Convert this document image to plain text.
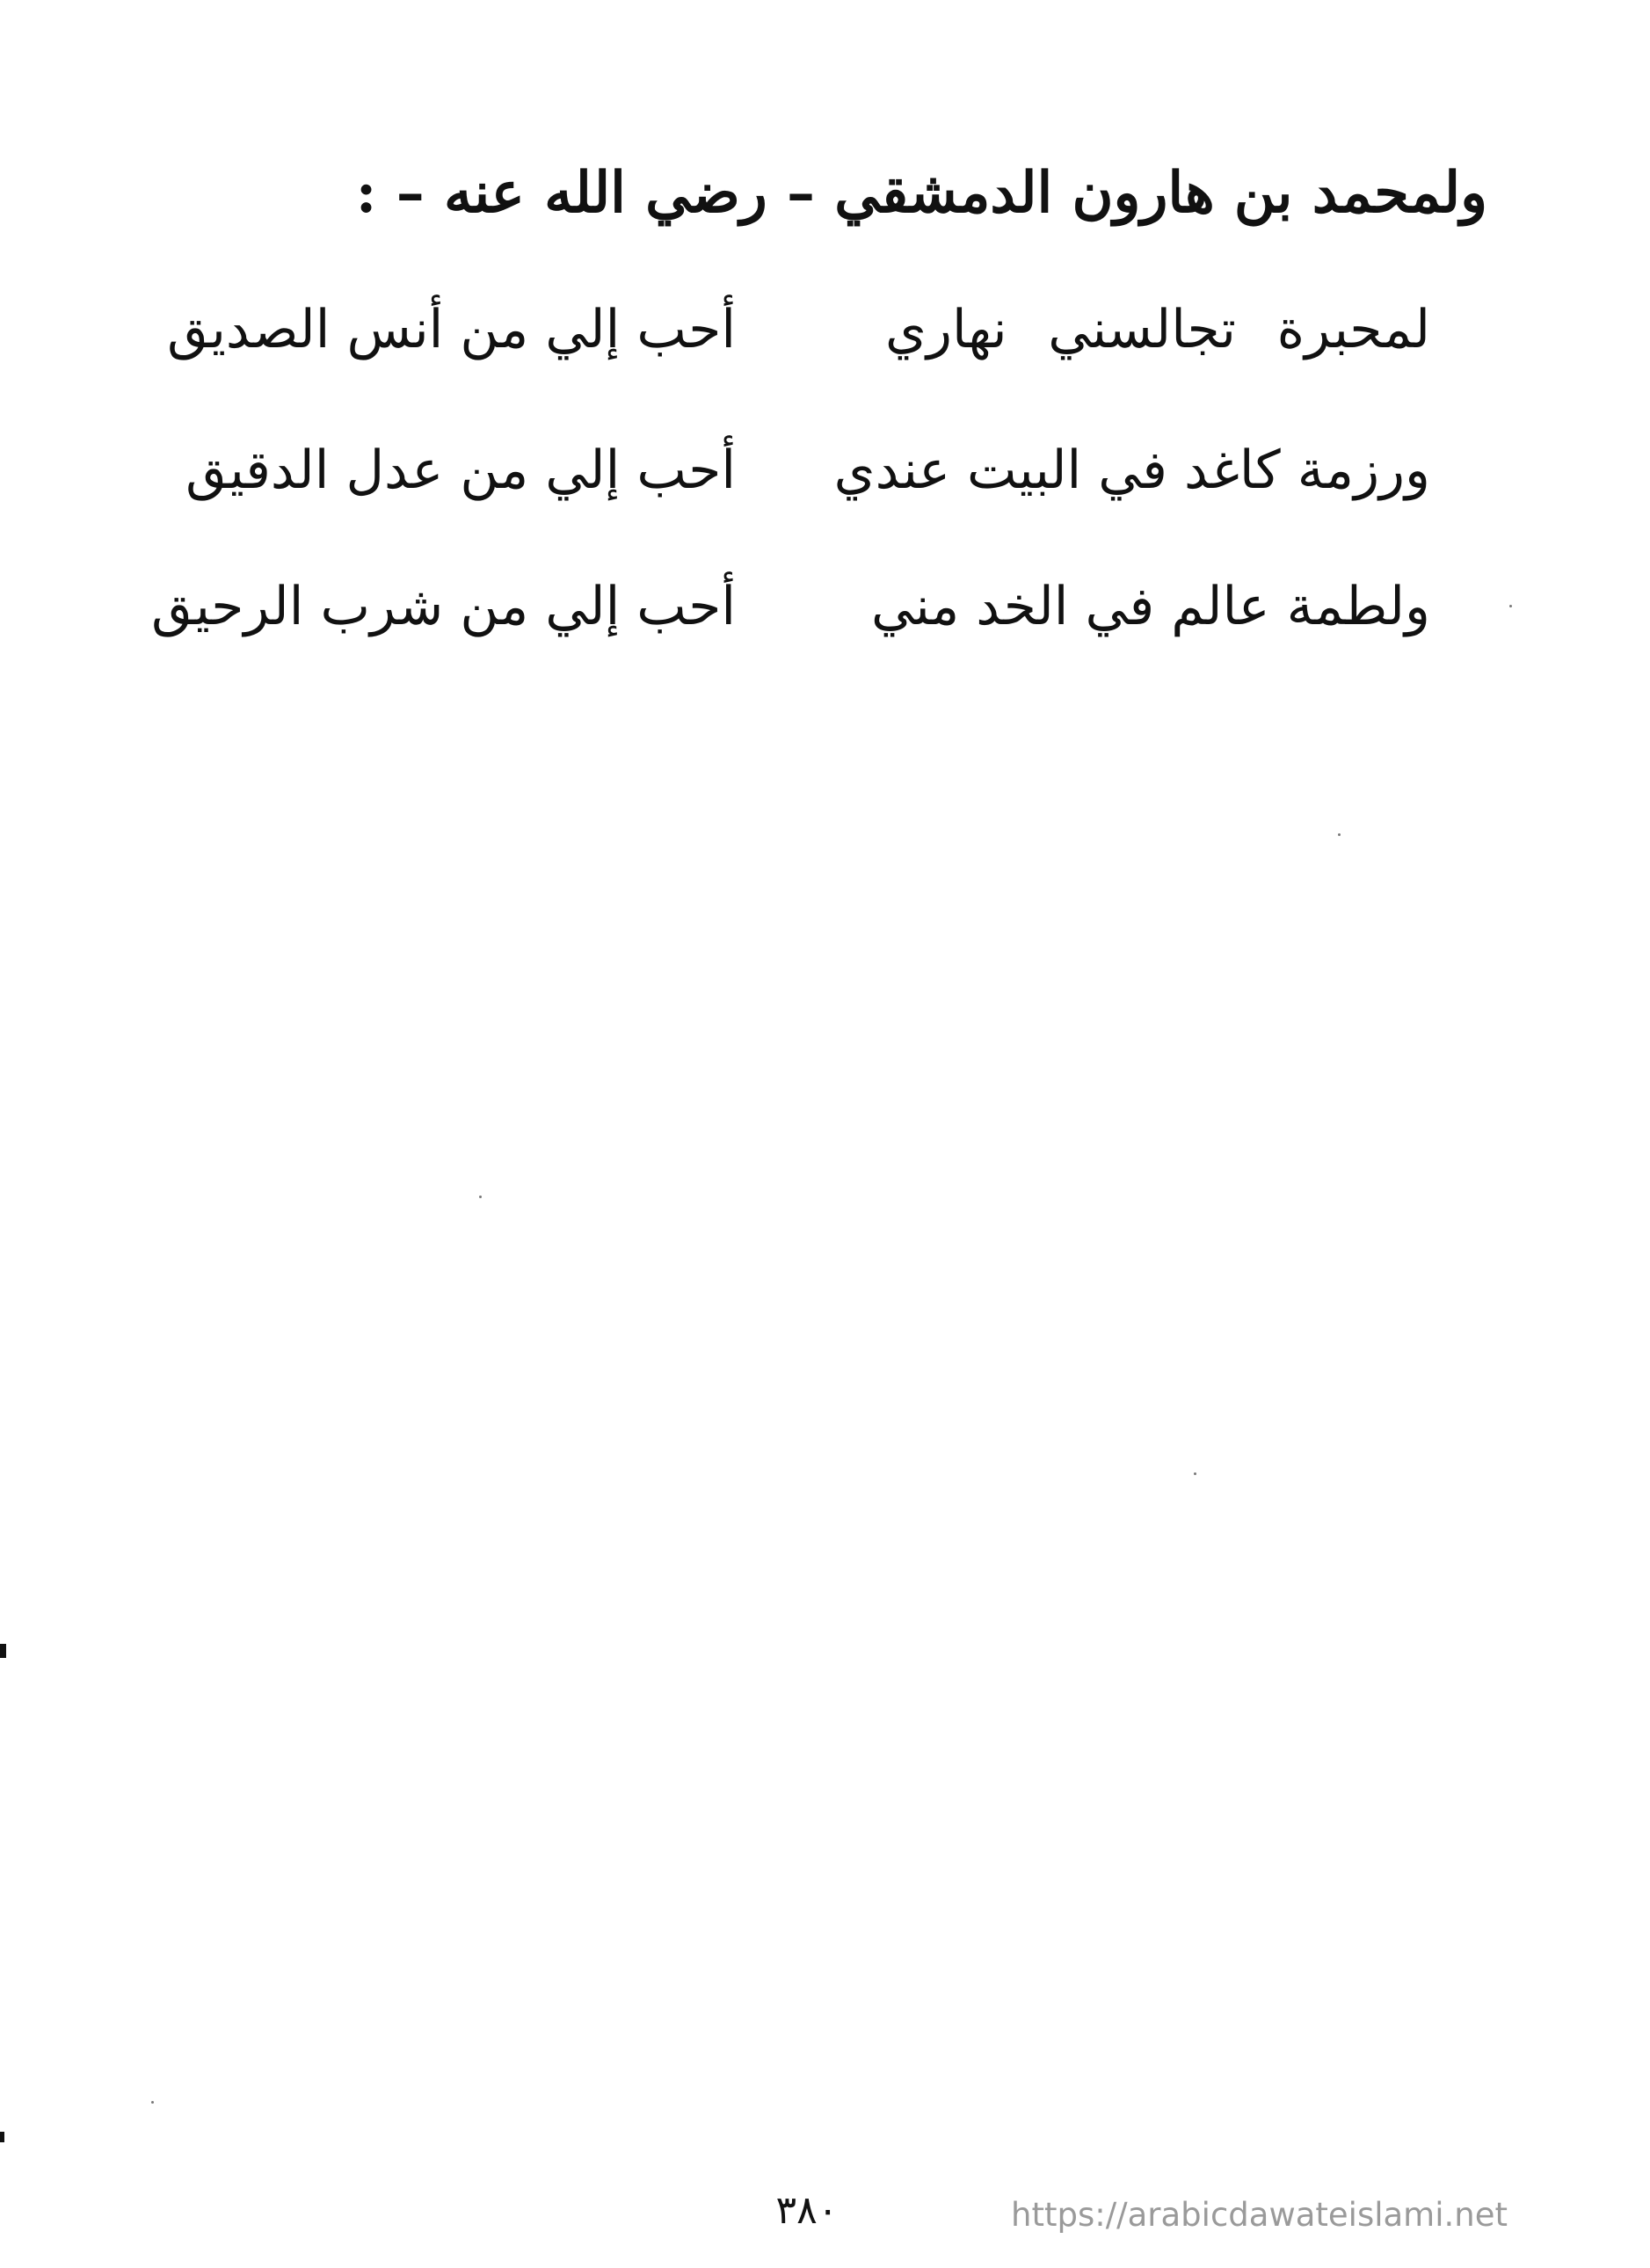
ولمحمد بن هارون الدمشقي – رضي الله عنه – :
لمحبرة تجالسني نهاري
أحب إلي من أنس الصديق
ورزمة كاغد في البيت عندي
أحب إلي من عدل الدقيق
ولطمة عالم في الخد مني
أحب إلي من شرب الرحيق
٣٨٠	https://arabicdawateislami.net
